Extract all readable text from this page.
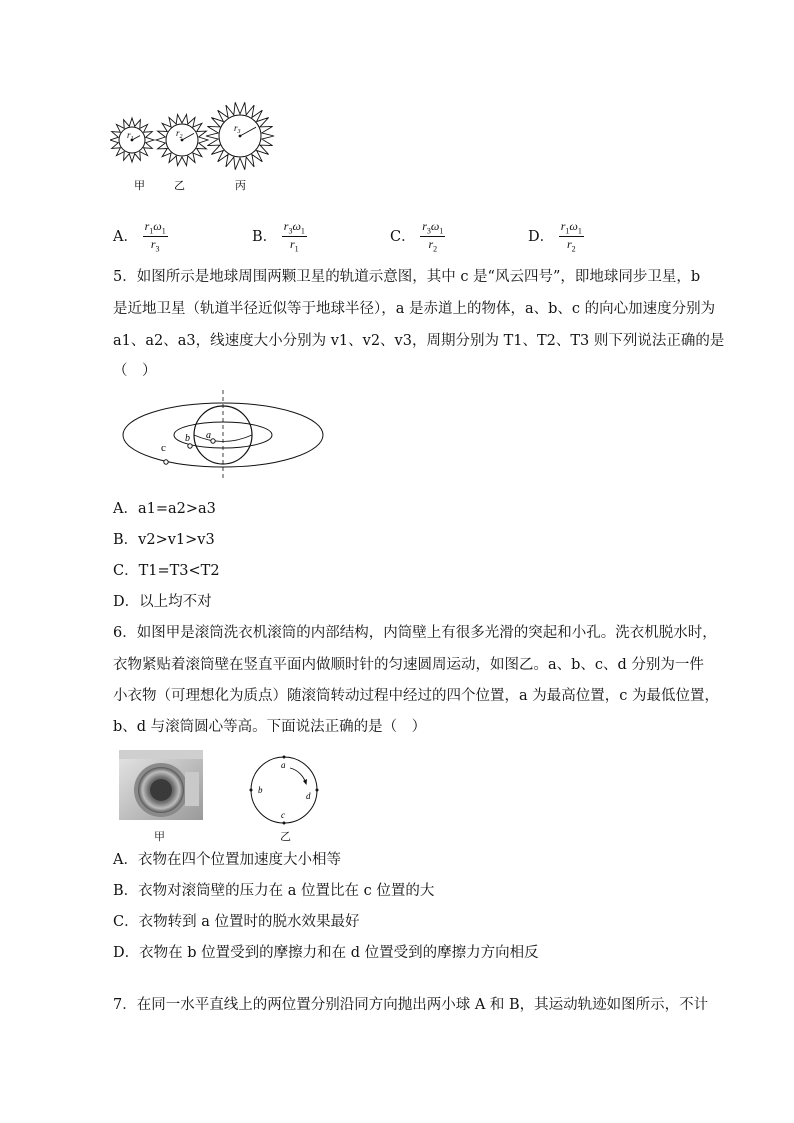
甲	乙	丙
$r_1$
$r_2$
$r_3$
A． $\frac{r_1\omega_1}{r_3}$	B． $\frac{r_3\omega_1}{r_1}$	C． $\frac{r_3\omega_1}{r_2}$	D． $\frac{r_1\omega_1}{r_2}$
5．如图所示是地球周围两颗卫星的轨道示意图，其中 c 是“风云四号”，即地球同步卫星，b
是近地卫星（轨道半径近似等于地球半径），a 是赤道上的物体，a、b、c 的向心加速度分别为
a1、a2、a3，线速度大小分别为 v1、v2、v3，周期分别为 T1、T2、T3 则下列说法正确的是
（　）
a
b
c
A．a1=a2>a3
B．v2>v1>v3
C．T1=T3<T2
D．以上均不对
6．如图甲是滚筒洗衣机滚筒的内部结构，内筒壁上有很多光滑的突起和小孔。洗衣机脱水时，
衣物紧贴着滚筒壁在竖直平面内做顺时针的匀速圆周运动，如图乙。a、b、c、d 分别为一件
小衣物（可理想化为质点）随滚筒转动过程中经过的四个位置，a 为最高位置，c 为最低位置，
b、d 与滚筒圆心等高。下面说法正确的是（　）
甲
a
b
c
d
乙
A．衣物在四个位置加速度大小相等
B．衣物对滚筒壁的压力在 a 位置比在 c 位置的大
C．衣物转到 a 位置时的脱水效果最好
D．衣物在 b 位置受到的摩擦力和在 d 位置受到的摩擦力方向相反
7．在同一水平直线上的两位置分别沿同方向抛出两小球 A 和 B，其运动轨迹如图所示，不计
